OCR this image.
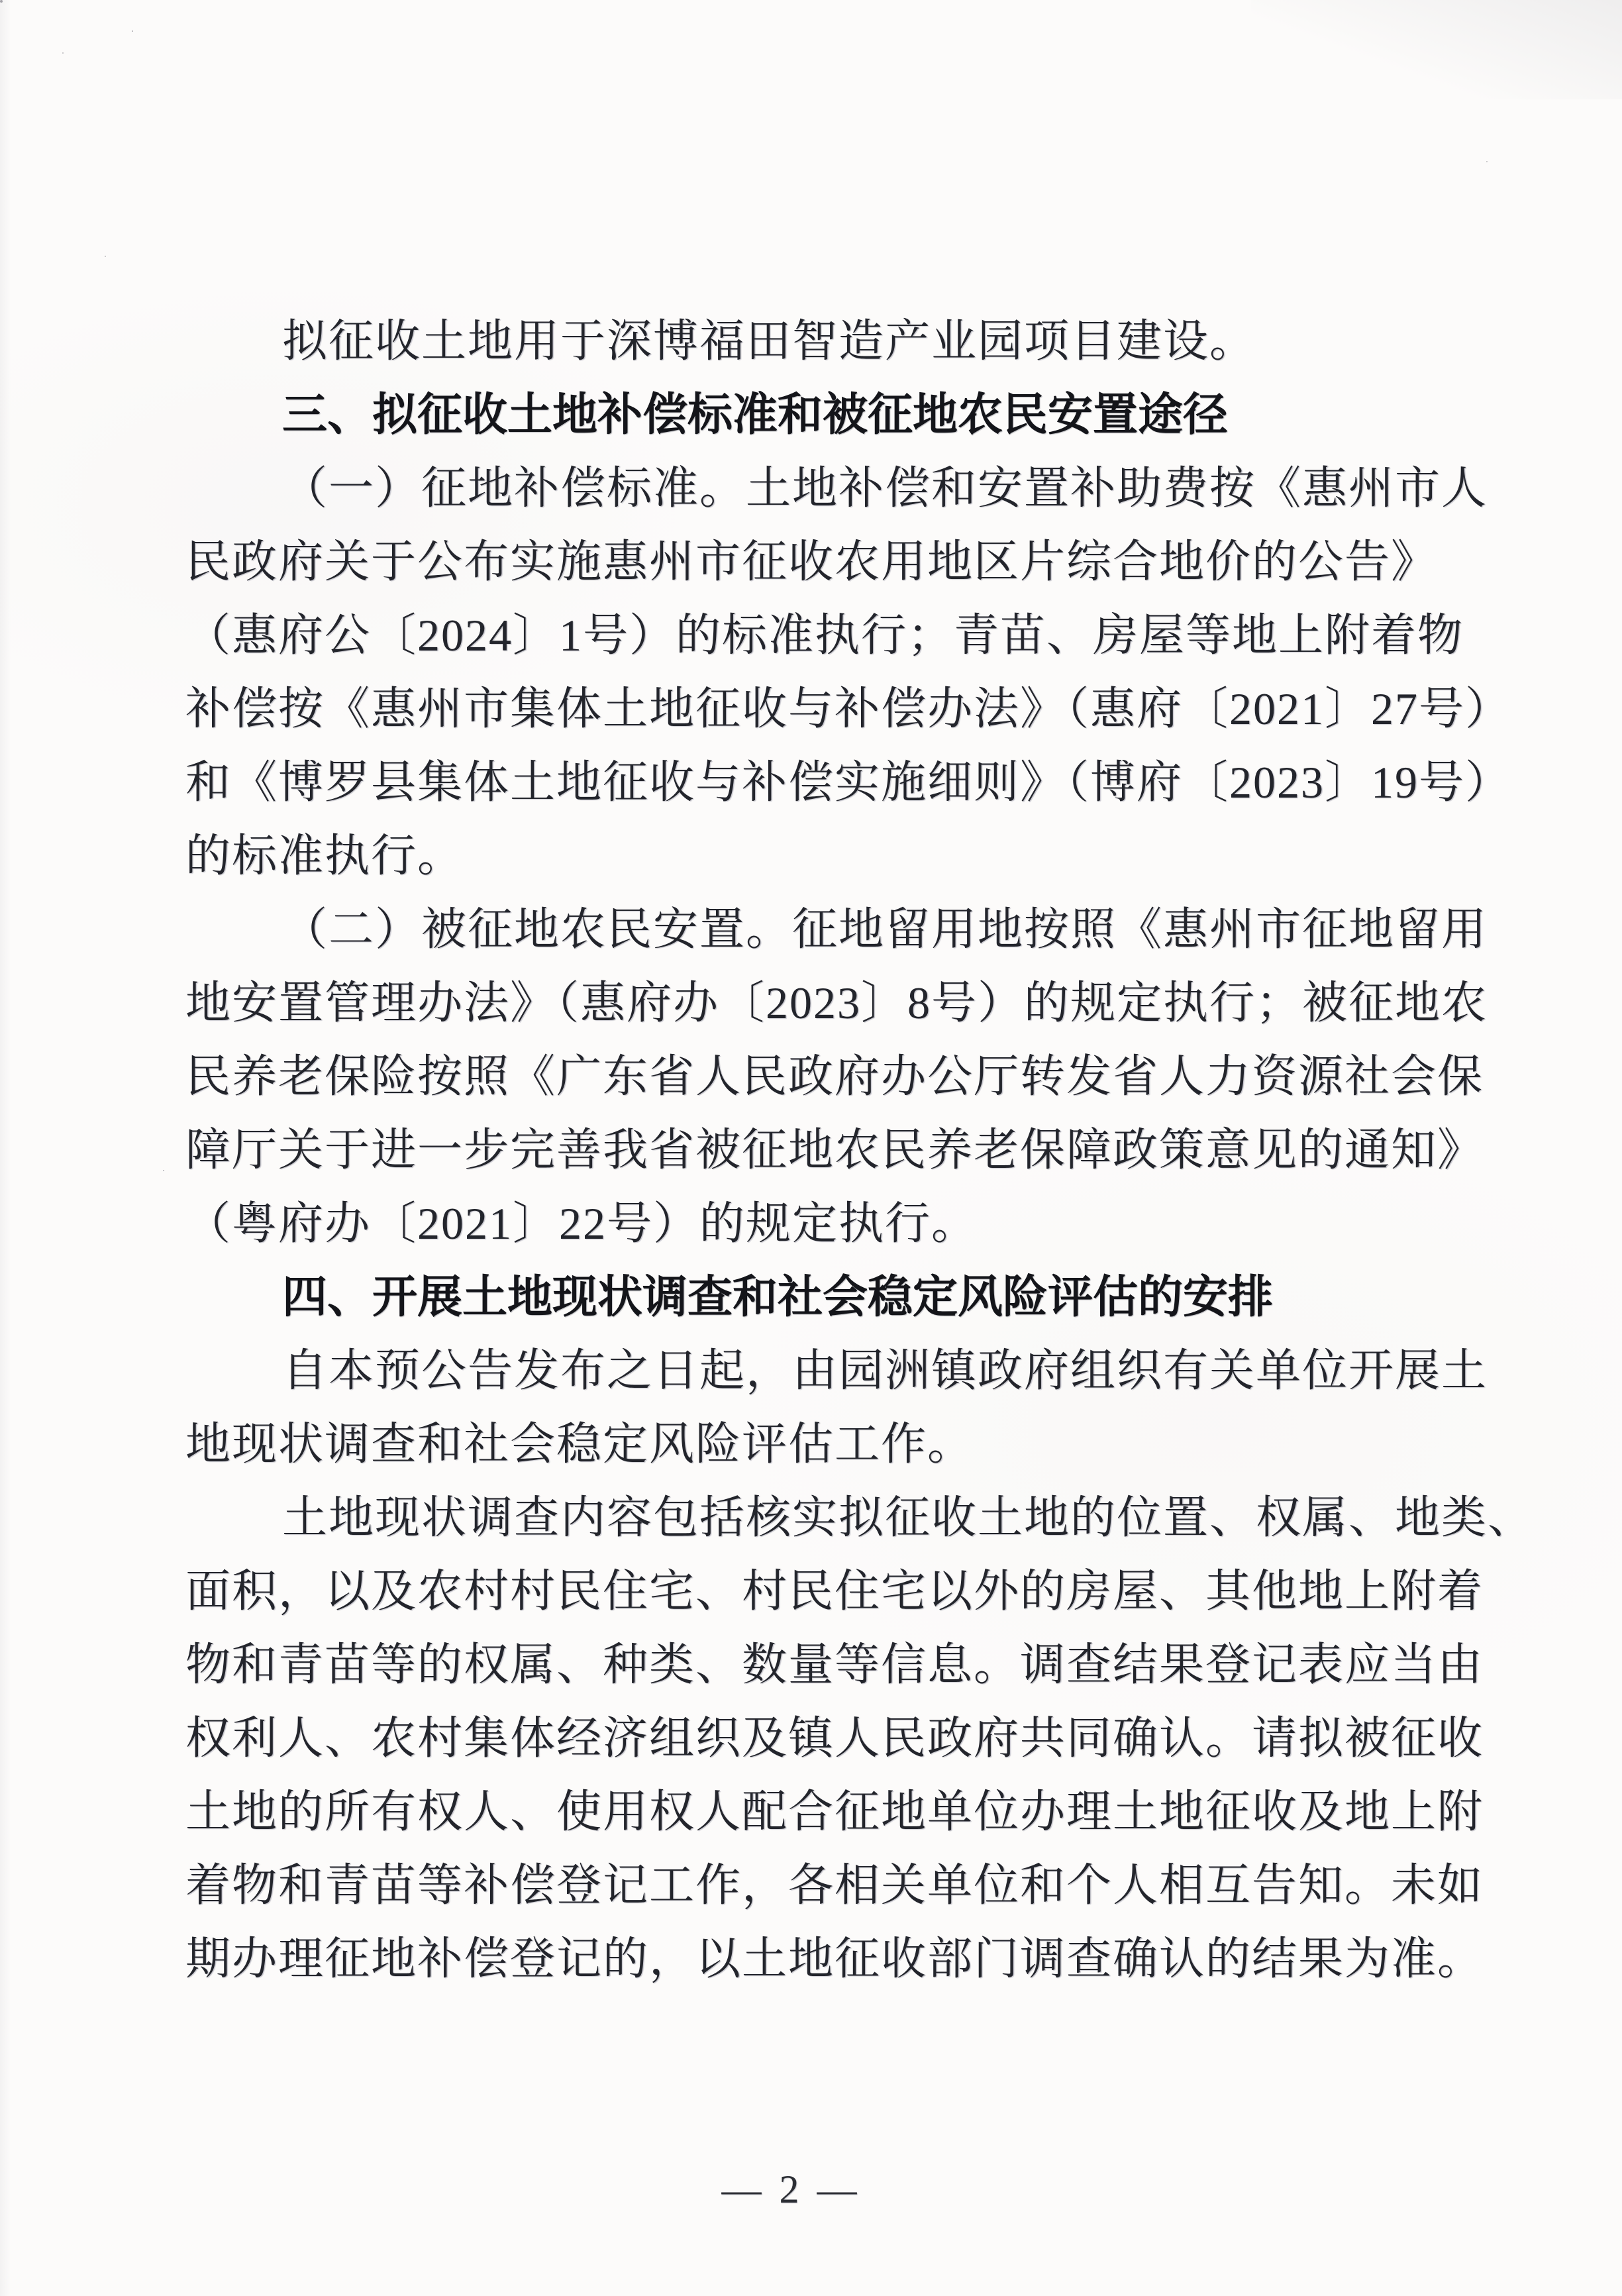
拟征收土地用于深博福田智造产业园项目建设。
三、拟征收土地补偿标准和被征地农民安置途径
（一）征地补偿标准。土地补偿和安置补助费按《惠州市人
民政府关于公布实施惠州市征收农用地区片综合地价的公告》
（惠府公〔2024〕1号）的标准执行；青苗、房屋等地上附着物
补偿按《惠州市集体土地征收与补偿办法》（惠府〔2021〕27号）
和《博罗县集体土地征收与补偿实施细则》（博府〔2023〕19号）
的标准执行。
（二）被征地农民安置。征地留用地按照《惠州市征地留用
地安置管理办法》（惠府办〔2023〕8号）的规定执行；被征地农
民养老保险按照《广东省人民政府办公厅转发省人力资源社会保
障厅关于进一步完善我省被征地农民养老保障政策意见的通知》
（粤府办〔2021〕22号）的规定执行。
四、开展土地现状调查和社会稳定风险评估的安排
自本预公告发布之日起，由园洲镇政府组织有关单位开展土
地现状调查和社会稳定风险评估工作。
土地现状调查内容包括核实拟征收土地的位置、权属、地类、
面积，以及农村村民住宅、村民住宅以外的房屋、其他地上附着
物和青苗等的权属、种类、数量等信息。调查结果登记表应当由
权利人、农村集体经济组织及镇人民政府共同确认。请拟被征收
土地的所有权人、使用权人配合征地单位办理土地征收及地上附
着物和青苗等补偿登记工作，各相关单位和个人相互告知。未如
期办理征地补偿登记的，以土地征收部门调查确认的结果为准。
— 2 —
